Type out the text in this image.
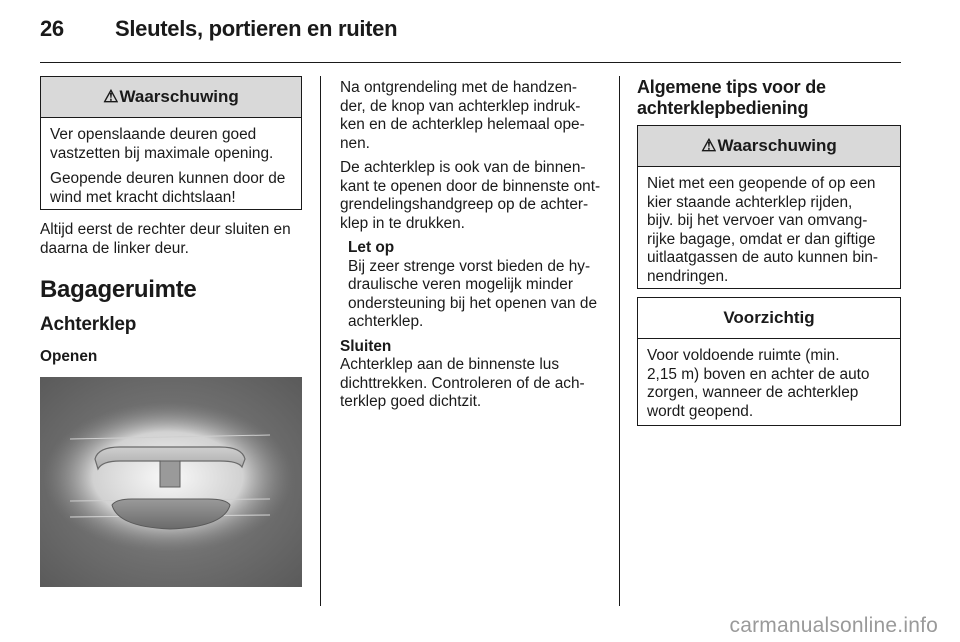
26 Sleutels, portieren en ruiten
⚠Waarschuwing

Ver openslaande deuren goed
vastzetten bij maximale opening.

Geopende deuren kunnen door de
wind met kracht dichtslaan!

Altijd eerst de rechter deur sluiten en
daarna de linker deur.
Bagageruimte
Achterklep
Openen

Na ontgrendeling met de handzen-
der, de knop van achterklep indruk-
ken en de achterklep helemaal ope-
nen.

De achterklep is ook van de binnen-
kant te openen door de binnenste ont-
grendelingshandgreep op de achter-
klep in te drukken.

Let op
Bij zeer strenge vorst bieden de hy-
draulische veren mogelijk minder
ondersteuning bij het openen van de
achterklep.

Sluiten
Achterklep aan de binnenste lus
dichttrekken. Controleren of de ach-
terklep goed dichtzit.

Algemene tips voor de
achterklepbediening
⚠Waarschuwing
Niet met een geopende of op een
kier staande achterklep rijden,
bijv. bij het vervoer van omvang-
rijke bagage, omdat er dan giftige
uitlaatgassen de auto kunnen bin-
nendringen.
Voorzichtig
Voor voldoende ruimte (min.
2,15 m) boven en achter de auto
zorgen, wanneer de achterklep
wordt geopend.
carmanualsonline.info
